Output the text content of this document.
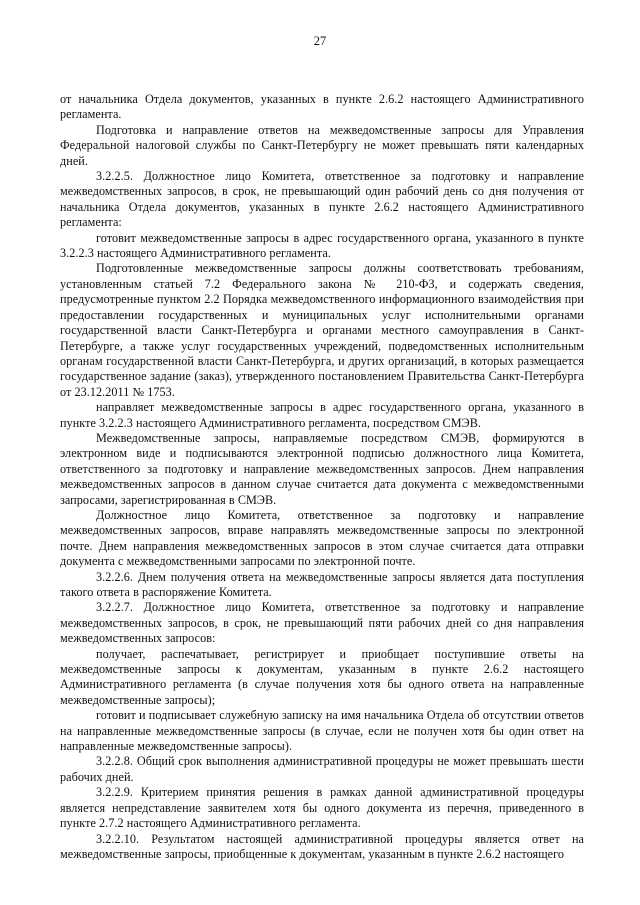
27

от начальника Отдела документов, указанных в пункте 2.6.2 настоящего Административного регламента.

Подготовка и направление ответов на межведомственные запросы для Управления Федеральной налоговой службы по Санкт-Петербургу не может превышать пяти календарных дней.

3.2.2.5. Должностное лицо Комитета, ответственное за подготовку и направление межведомственных запросов, в срок, не превышающий один рабочий день со дня получения от начальника Отдела документов, указанных в пункте 2.6.2 настоящего Административного регламента:

готовит межведомственные запросы в адрес государственного органа, указанного в пункте 3.2.2.3 настоящего Административного регламента.

Подготовленные межведомственные запросы должны соответствовать требованиям, установленным статьей 7.2 Федерального закона № 210-ФЗ, и содержать сведения, предусмотренные пунктом 2.2 Порядка межведомственного информационного взаимодействия при предоставлении государственных и муниципальных услуг исполнительными органами государственной власти Санкт-Петербурга и органами местного самоуправления в Санкт-Петербурге, а также услуг государственных учреждений, подведомственных исполнительным органам государственной власти Санкт-Петербурга, и других организаций, в которых размещается государственное задание (заказ), утвержденного постановлением Правительства Санкт-Петербурга от 23.12.2011 № 1753.

направляет межведомственные запросы в адрес государственного органа, указанного в пункте 3.2.2.3 настоящего Административного регламента, посредством СМЭВ.

Межведомственные запросы, направляемые посредством СМЭВ, формируются в электронном виде и подписываются электронной подписью должностного лица Комитета, ответственного за подготовку и направление межведомственных запросов. Днем направления межведомственных запросов в данном случае считается дата документа с межведомственными запросами, зарегистрированная в СМЭВ.

Должностное лицо Комитета, ответственное за подготовку и направление межведомственных запросов, вправе направлять межведомственные запросы по электронной почте. Днем направления межведомственных запросов в этом случае считается дата отправки документа с межведомственными запросами по электронной почте.

3.2.2.6. Днем получения ответа на межведомственные запросы является дата поступления такого ответа в распоряжение Комитета.

3.2.2.7. Должностное лицо Комитета, ответственное за подготовку и направление межведомственных запросов, в срок, не превышающий пяти рабочих дней со дня направления межведомственных запросов:

получает, распечатывает, регистрирует и приобщает поступившие ответы на межведомственные запросы к документам, указанным в пункте 2.6.2 настоящего Административного регламента (в случае получения хотя бы одного ответа на направленные межведомственные запросы);

готовит и подписывает служебную записку на имя начальника Отдела об отсутствии ответов на направленные межведомственные запросы (в случае, если не получен хотя бы один ответ на направленные межведомственные запросы).

3.2.2.8. Общий срок выполнения административной процедуры не может превышать шести рабочих дней.

3.2.2.9. Критерием принятия решения в рамках данной административной процедуры является непредставление заявителем хотя бы одного документа из перечня, приведенного в пункте 2.7.2 настоящего Административного регламента.

3.2.2.10. Результатом настоящей административной процедуры является ответ на межведомственные запросы, приобщенные к документам, указанным в пункте 2.6.2 настоящего
